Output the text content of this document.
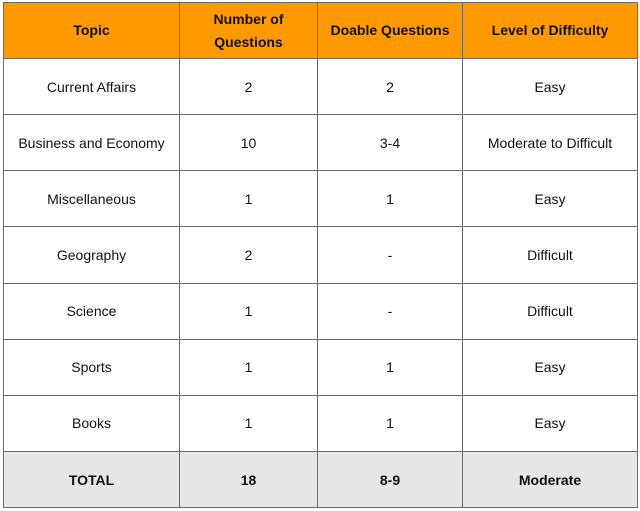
Topic	Number of Questions	Doable Questions	Level of Difficulty
Current Affairs	2	2	Easy
Business and Economy	10	3-4	Moderate to Difficult
Miscellaneous	1	1	Easy
Geography	2	-	Difficult
Science	1	-	Difficult
Sports	1	1	Easy
Books	1	1	Easy
TOTAL	18	8-9	Moderate
